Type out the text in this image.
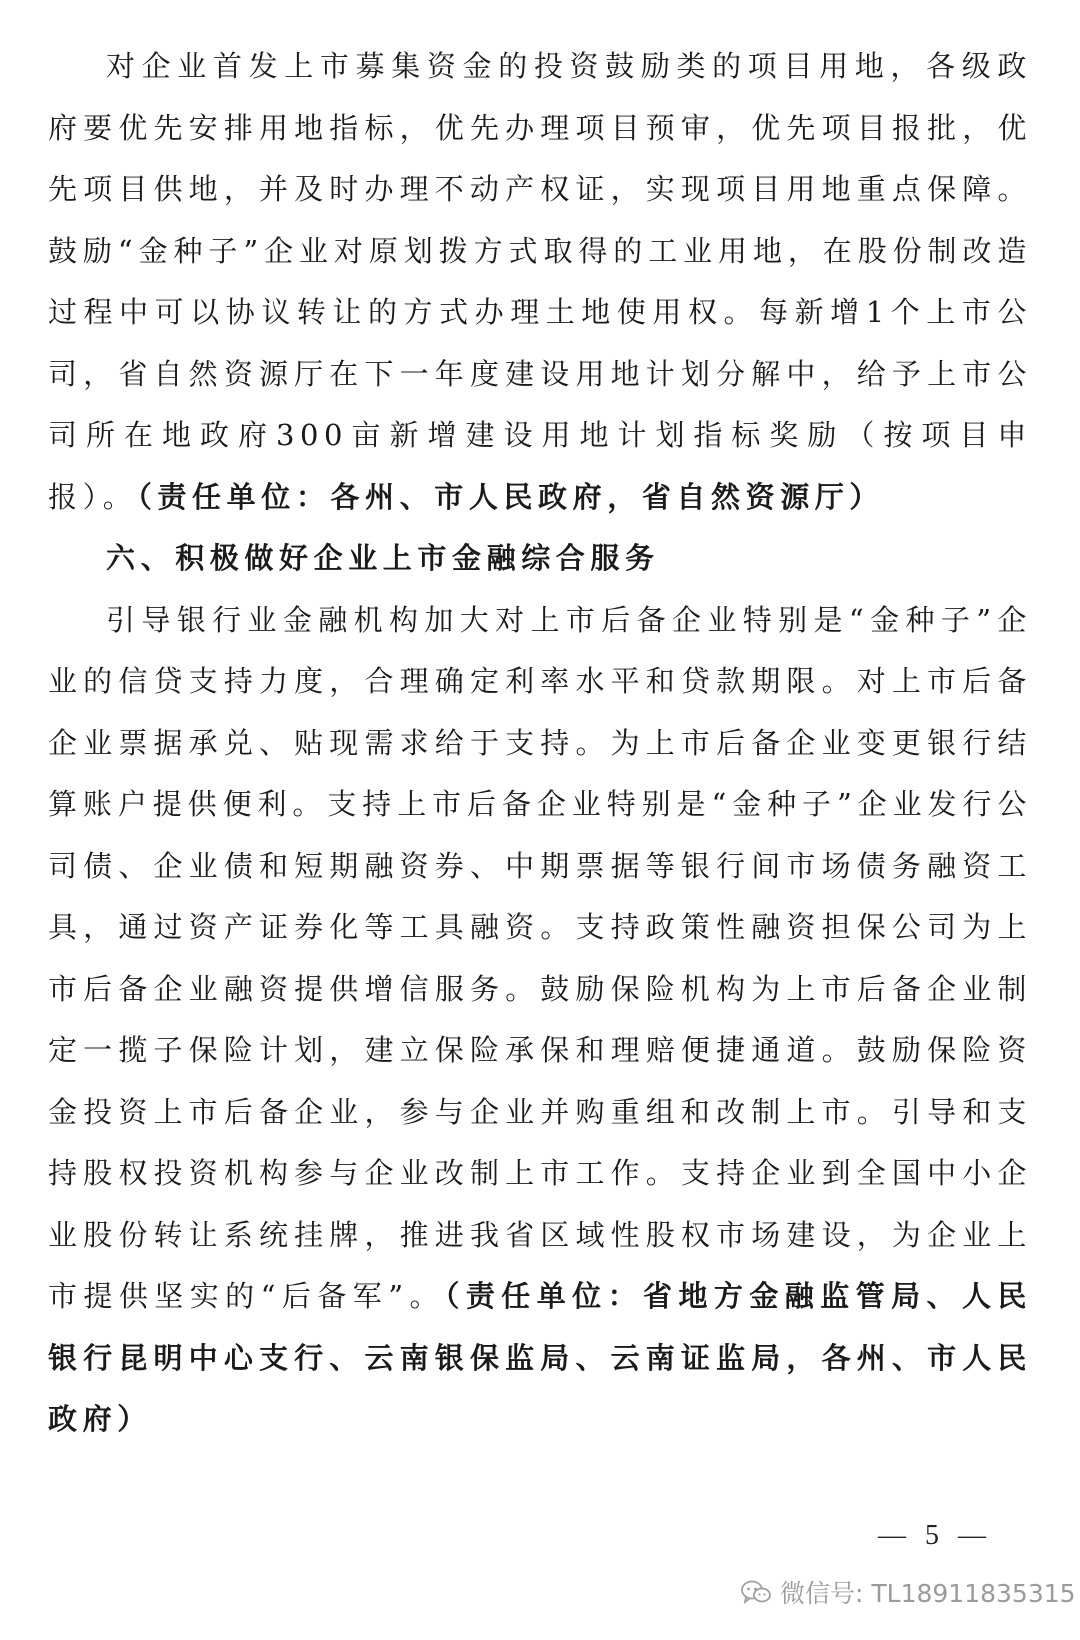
对企业首发上市募集资金的投资鼓励类的项目用地，各级政府要优先安排用地指标，优先办理项目预审，优先项目报批，优先项目供地，并及时办理不动产权证，实现项目用地重点保障。鼓励“金种子”企业对原划拨方式取得的工业用地，在股份制改造过程中可以协议转让的方式办理土地使用权。每新增1个上市公司，省自然资源厅在下一年度建设用地计划分解中，给予上市公司所在地政府300亩新增建设用地计划指标奖励（按项目申报）。（责任单位：各州、市人民政府，省自然资源厅）

六、积极做好企业上市金融综合服务

引导银行业金融机构加大对上市后备企业特别是“金种子”企业的信贷支持力度，合理确定利率水平和贷款期限。对上市后备企业票据承兑、贴现需求给于支持。为上市后备企业变更银行结算账户提供便利。支持上市后备企业特别是“金种子”企业发行公司债、企业债和短期融资券、中期票据等银行间市场债务融资工具，通过资产证券化等工具融资。支持政策性融资担保公司为上市后备企业融资提供增信服务。鼓励保险机构为上市后备企业制定一揽子保险计划，建立保险承保和理赔便捷通道。鼓励保险资金投资上市后备企业，参与企业并购重组和改制上市。引导和支持股权投资机构参与企业改制上市工作。支持企业到全国中小企业股份转让系统挂牌，推进我省区域性股权市场建设，为企业上市提供坚实的“后备军”。（责任单位：省地方金融监管局、人民银行昆明中心支行、云南银保监局、云南证监局，各州、市人民政府）

— 5 —
微信号: TL18911835315
